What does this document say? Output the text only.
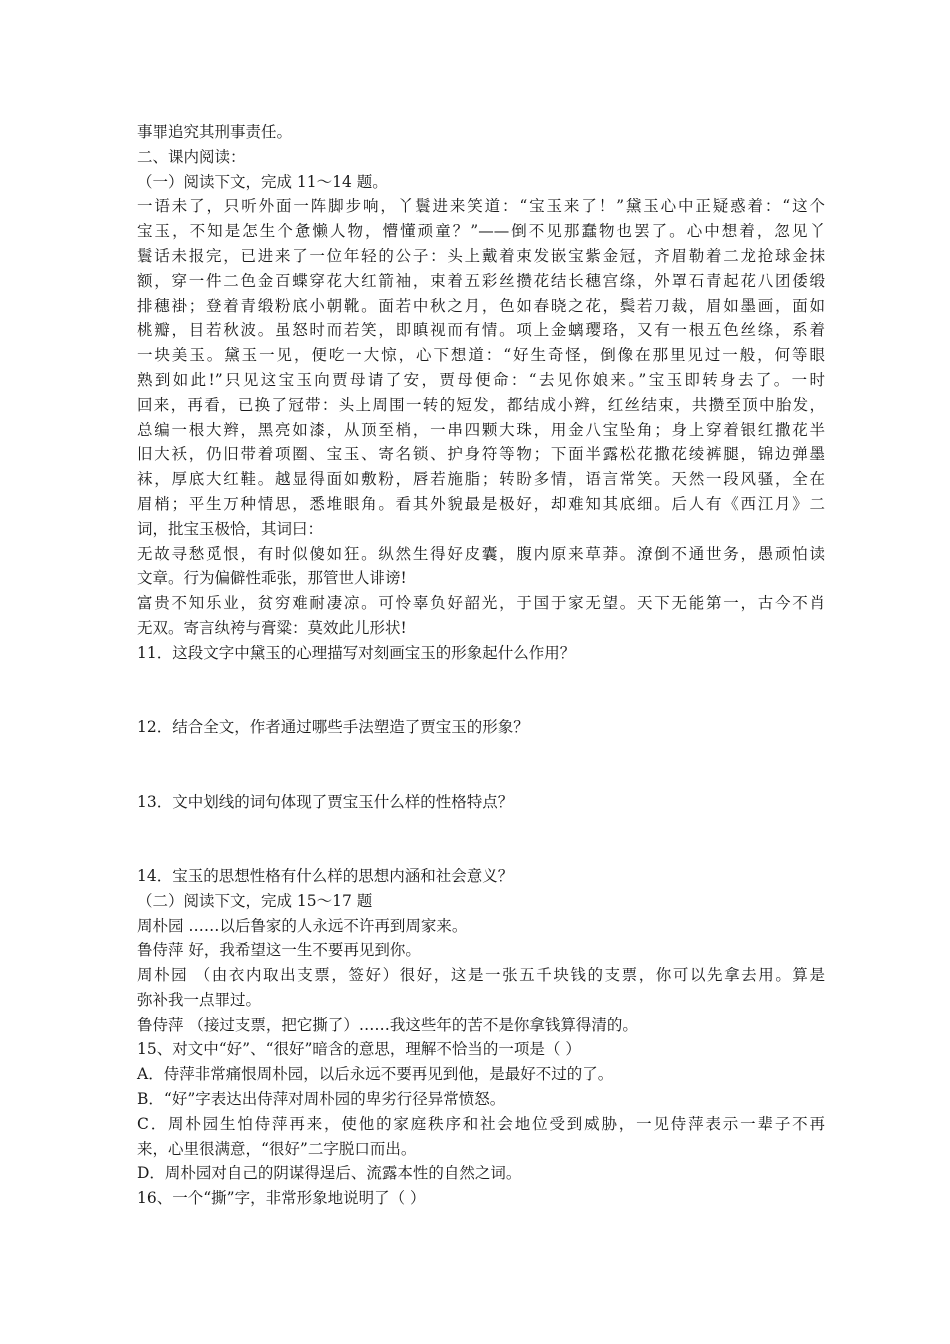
事罪追究其刑事责任。
二、课内阅读：
（一）阅读下文，完成 11～14 题。
一语未了，只听外面一阵脚步响，丫鬟进来笑道：“宝玉来了！”黛玉心中正疑惑着：“这个
宝玉，不知是怎生个惫懒人物，懵懂顽童？”——倒不见那蠢物也罢了。心中想着，忽见丫
鬟话未报完，已进来了一位年轻的公子：头上戴着束发嵌宝紫金冠，齐眉勒着二龙抢球金抹
额，穿一件二色金百蝶穿花大红箭袖，束着五彩丝攒花结长穗宫绦，外罩石青起花八团倭缎
排穗褂；登着青缎粉底小朝靴。面若中秋之月，色如春晓之花，鬓若刀裁，眉如墨画，面如
桃瓣，目若秋波。虽怒时而若笑，即瞋视而有情。项上金螭璎珞，又有一根五色丝绦，系着
一块美玉。黛玉一见，便吃一大惊，心下想道：“好生奇怪，倒像在那里见过一般，何等眼
熟到如此!”只见这宝玉向贾母请了安，贾母便命：“去见你娘来。”宝玉即转身去了。一时
回来，再看，已换了冠带：头上周围一转的短发，都结成小辫，红丝结束，共攒至顶中胎发，
总编一根大辫，黑亮如漆，从顶至梢，一串四颗大珠，用金八宝坠角；身上穿着银红撒花半
旧大袄，仍旧带着项圈、宝玉、寄名锁、护身符等物；下面半露松花撒花绫裤腿，锦边弹墨
袜，厚底大红鞋。越显得面如敷粉，唇若施脂；转盼多情，语言常笑。天然一段风骚，全在
眉梢；平生万种情思，悉堆眼角。看其外貌最是极好，却难知其底细。后人有《西江月》二
词，批宝玉极恰，其词曰：
无故寻愁觅恨，有时似傻如狂。纵然生得好皮囊，腹内原来草莽。潦倒不通世务，愚顽怕读
文章。行为偏僻性乖张，那管世人诽谤!
富贵不知乐业，贫穷难耐凄凉。可怜辜负好韶光，于国于家无望。天下无能第一，古今不肖
无双。寄言纨袴与膏粱：莫效此儿形状!
11．这段文字中黛玉的心理描写对刻画宝玉的形象起什么作用？
12．结合全文，作者通过哪些手法塑造了贾宝玉的形象？
13．文中划线的词句体现了贾宝玉什么样的性格特点？
14．宝玉的思想性格有什么样的思想内涵和社会意义？
（二）阅读下文，完成 15～17 题
周朴园 ……以后鲁家的人永远不许再到周家来。
鲁侍萍 好，我希望这一生不要再见到你。
周朴园 （由衣内取出支票，签好）很好，这是一张五千块钱的支票，你可以先拿去用。算是
弥补我一点罪过。
鲁侍萍 （接过支票，把它撕了）……我这些年的苦不是你拿钱算得清的。
15、对文中“好”、“很好”暗含的意思，理解不恰当的一项是（ ）
A．侍萍非常痛恨周朴园，以后永远不要再见到他，是最好不过的了。
B．“好”字表达出侍萍对周朴园的卑劣行径异常愤怒。
C．周朴园生怕侍萍再来，使他的家庭秩序和社会地位受到威胁，一见侍萍表示一辈子不再
来，心里很满意，“很好”二字脱口而出。
D．周朴园对自己的阴谋得逞后、流露本性的自然之词。
16、一个“撕”字，非常形象地说明了（ ）
